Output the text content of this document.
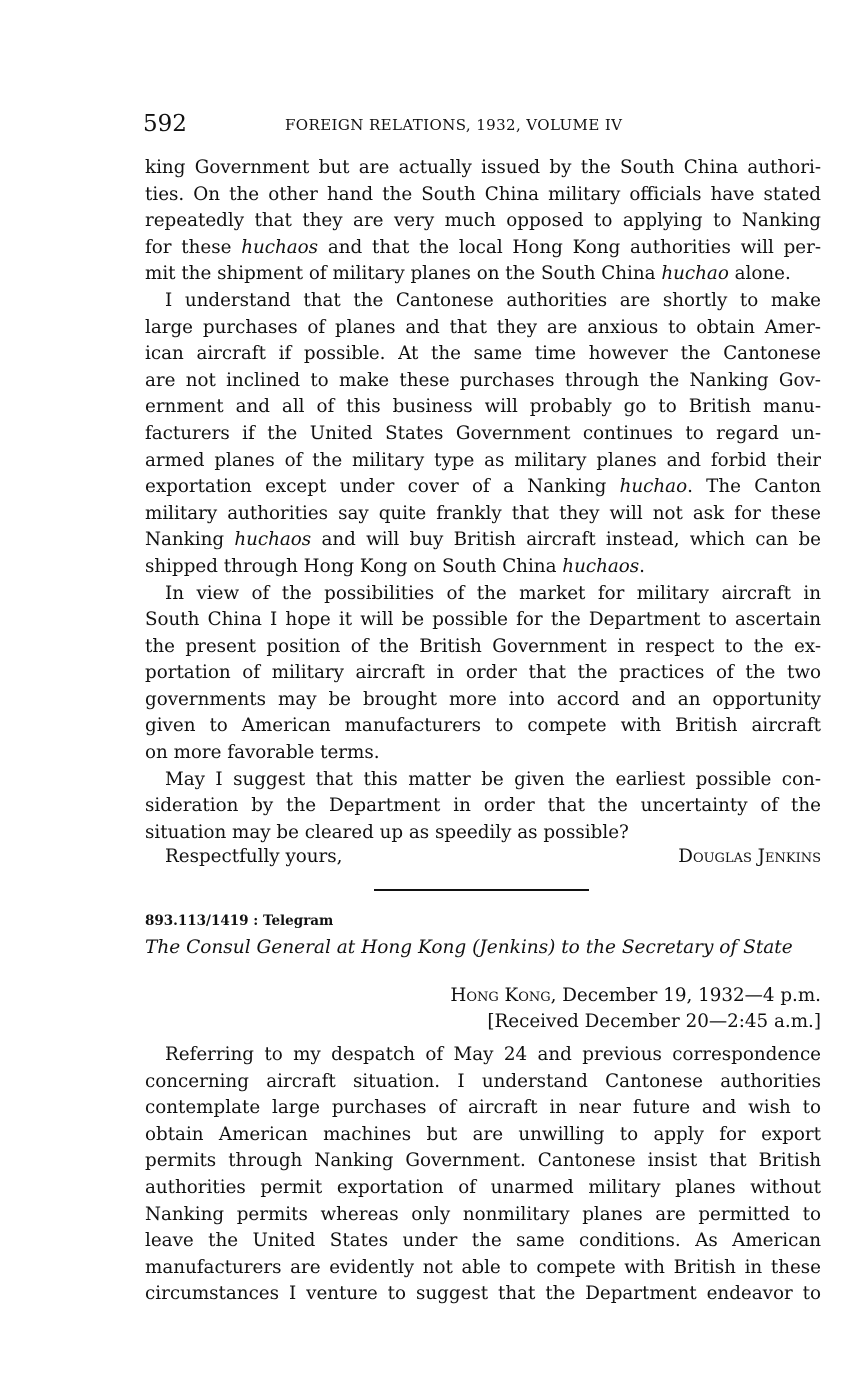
592	FOREIGN RELATIONS, 1932, VOLUME IV
king Government but are actually issued by the South China authori-
ties. On the other hand the South China military officials have stated
repeatedly that they are very much opposed to applying to Nanking
for these huchaos and that the local Hong Kong authorities will per-
mit the shipment of military planes on the South China huchao alone.
I understand that the Cantonese authorities are shortly to make
large purchases of planes and that they are anxious to obtain Amer-
ican aircraft if possible. At the same time however the Cantonese
are not inclined to make these purchases through the Nanking Gov-
ernment and all of this business will probably go to British manu-
facturers if the United States Government continues to regard un-
armed planes of the military type as military planes and forbid their
exportation except under cover of a Nanking huchao. The Canton
military authorities say quite frankly that they will not ask for these
Nanking huchaos and will buy British aircraft instead, which can be
shipped through Hong Kong on South China huchaos.
In view of the possibilities of the market for military aircraft in
South China I hope it will be possible for the Department to ascertain
the present position of the British Government in respect to the ex-
portation of military aircraft in order that the practices of the two
governments may be brought more into accord and an opportunity
given to American manufacturers to compete with British aircraft
on more favorable terms.
May I suggest that this matter be given the earliest possible con-
sideration by the Department in order that the uncertainty of the
situation may be cleared up as speedily as possible?
Respectfully yours,	Douglas Jenkins
893.113/1419 : Telegram
The Consul General at Hong Kong (Jenkins) to the Secretary of State
Hong Kong, December 19, 1932—4 p.m.
[Received December 20—2:45 a.m.]
Referring to my despatch of May 24 and previous correspondence
concerning aircraft situation. I understand Cantonese authorities
contemplate large purchases of aircraft in near future and wish to
obtain American machines but are unwilling to apply for export
permits through Nanking Government. Cantonese insist that British
authorities permit exportation of unarmed military planes without
Nanking permits whereas only nonmilitary planes are permitted to
leave the United States under the same conditions. As American
manufacturers are evidently not able to compete with British in these
circumstances I venture to suggest that the Department endeavor to
